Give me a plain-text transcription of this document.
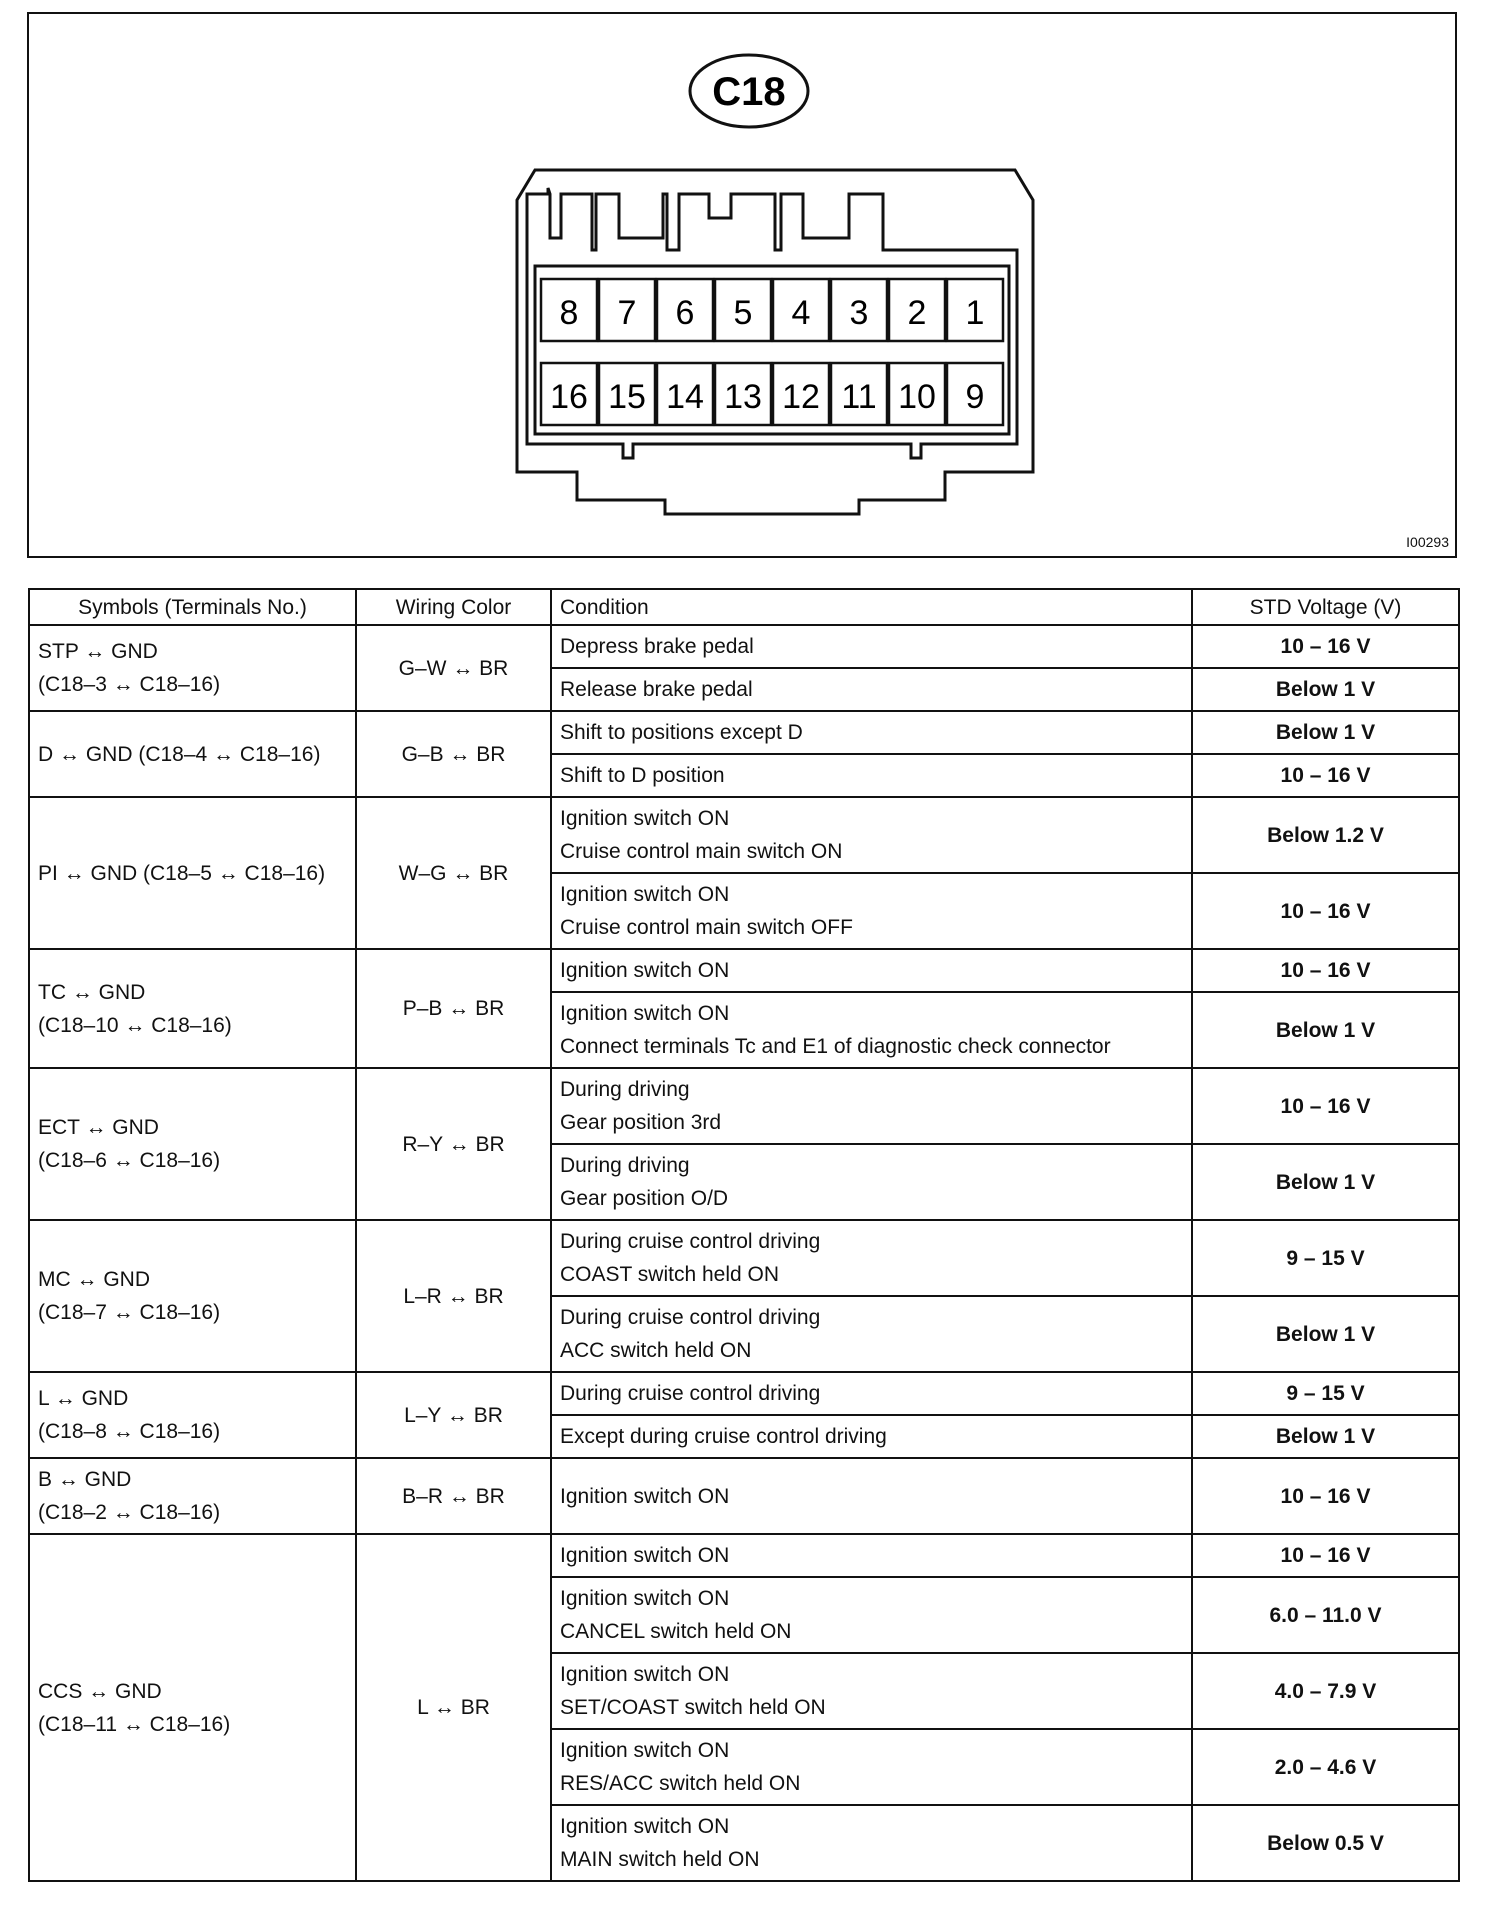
8 7 6 5 4 3 2 1
16 15 14 13 12 11 10 9
C18
I00293
Symbols (Terminals No.)	Wiring Color	Condition	STD Voltage (V)

STP ↔ GND
(C18–3 ↔ C18–16)	G–W ↔ BR	Depress brake pedal	10 – 16 V

		Release brake pedal	Below 1 V

D ↔ GND (C18–4 ↔ C18–16)	G–B ↔ BR	Shift to positions except D	Below 1 V

		Shift to D position	10 – 16 V

PI ↔ GND (C18–5 ↔ C18–16)	W–G ↔ BR	Ignition switch ON
Cruise control main switch ON	Below 1.2 V

		Ignition switch ON
Cruise control main switch OFF	10 – 16 V

TC ↔ GND
(C18–10 ↔ C18–16)	P–B ↔ BR	Ignition switch ON	10 – 16 V

		Ignition switch ON
Connect terminals Tc and E1 of diagnostic check connector	Below 1 V

ECT ↔ GND
(C18–6 ↔ C18–16)	R–Y ↔ BR	During driving
Gear position 3rd	10 – 16 V

		During driving
Gear position O/D	Below 1 V

MC ↔ GND
(C18–7 ↔ C18–16)	L–R ↔ BR	During cruise control driving
COAST switch held ON	9 – 15 V

		During cruise control driving
ACC switch held ON	Below 1 V

L ↔ GND
(C18–8 ↔ C18–16)	L–Y ↔ BR	During cruise control driving	9 – 15 V

		Except during cruise control driving	Below 1 V

B ↔ GND
(C18–2 ↔ C18–16)	B–R ↔ BR	Ignition switch ON	10 – 16 V

CCS ↔ GND
(C18–11 ↔ C18–16)	L ↔ BR	Ignition switch ON	10 – 16 V

		Ignition switch ON
CANCEL switch held ON	6.0 – 11.0 V

		Ignition switch ON
SET/COAST switch held ON	4.0 – 7.9 V

		Ignition switch ON
RES/ACC switch held ON	2.0 – 4.6 V

		Ignition switch ON
MAIN switch held ON	Below 0.5 V
